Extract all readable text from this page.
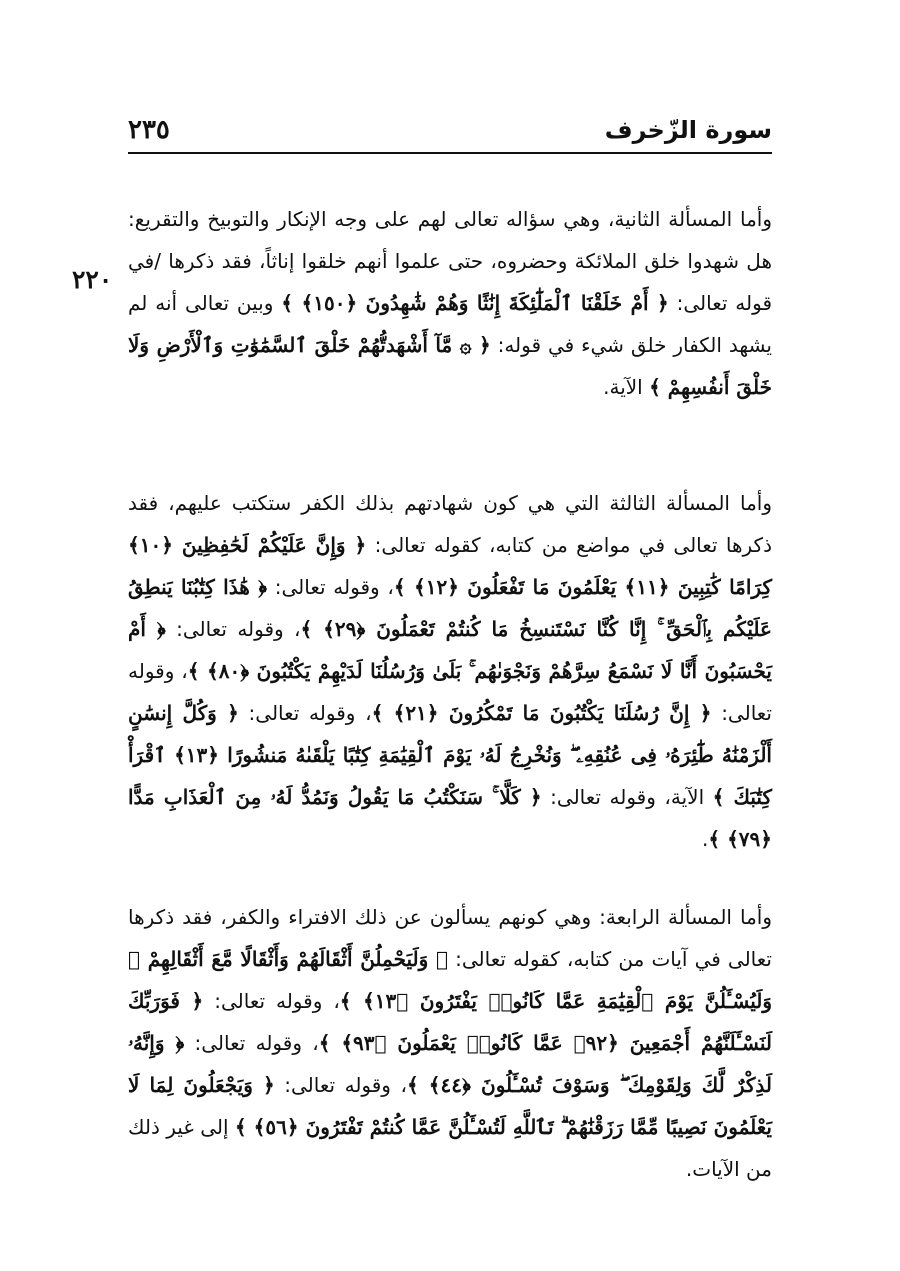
٢٣٥	سورة الزّخرف
٢٢٠

وأما المسألة الثانية، وهي سؤاله تعالى لهم على وجه الإنكار والتوبيخ والتقريع: هل شهدوا خلق الملائكة وحضروه، حتى علموا أنهم خلقوا إناثاً، فقد ذكرها /في قوله تعالى: ﴿ أَمْ خَلَقْنَا ٱلْمَلَٰٓئِكَةَ إِنَٰثًا وَهُمْ شَٰهِدُونَ ﴿١٥٠﴾ ﴾ وبين تعالى أنه لم يشهد الكفار خلق شيء في قوله: ﴿ ۞ مَّآ أَشْهَدتُّهُمْ خَلْقَ ٱلسَّمَٰوَٰتِ وَٱلْأَرْضِ وَلَا خَلْقَ أَنفُسِهِمْ ﴾ الآية.

وأما المسألة الثالثة التي هي كون شهادتهم بذلك الكفر ستكتب عليهم، فقد ذكرها تعالى في مواضع من كتابه، كقوله تعالى: ﴿ وَإِنَّ عَلَيْكُمْ لَحَٰفِظِينَ ﴿١٠﴾ كِرَامًا كَٰتِبِينَ ﴿١١﴾ يَعْلَمُونَ مَا تَفْعَلُونَ ﴿١٢﴾ ﴾، وقوله تعالى: ﴿ هَٰذَا كِتَٰبُنَا يَنطِقُ عَلَيْكُم بِٱلْحَقِّ ۚ إِنَّا كُنَّا نَسْتَنسِخُ مَا كُنتُمْ تَعْمَلُونَ ﴿٢٩﴾ ﴾، وقوله تعالى: ﴿ أَمْ يَحْسَبُونَ أَنَّا لَا نَسْمَعُ سِرَّهُمْ وَنَجْوَىٰهُم ۚ بَلَىٰ وَرُسُلُنَا لَدَيْهِمْ يَكْتُبُونَ ﴿٨٠﴾ ﴾، وقوله تعالى: ﴿ إِنَّ رُسُلَنَا يَكْتُبُونَ مَا تَمْكُرُونَ ﴿٢١﴾ ﴾، وقوله تعالى: ﴿ وَكُلَّ إِنسَٰنٍ أَلْزَمْنَٰهُ طَٰٓئِرَهُۥ فِى عُنُقِهِۦ ۖ وَنُخْرِجُ لَهُۥ يَوْمَ ٱلْقِيَٰمَةِ كِتَٰبًا يَلْقَىٰهُ مَنشُورًا ﴿١٣﴾ ٱقْرَأْ كِتَٰبَكَ ﴾ الآية، وقوله تعالى: ﴿ كَلَّا ۚ سَنَكْتُبُ مَا يَقُولُ وَنَمُدُّ لَهُۥ مِنَ ٱلْعَذَابِ مَدًّا ﴿٧٩﴾ ﴾.

وأما المسألة الرابعة: وهي كونهم يسألون عن ذلك الافتراء والكفر، فقد ذكرها تعالى في آيات من كتابه، كقوله تعالى: ﴿ وَلَيَحْمِلُنَّ أَثْقَالَهُمْ وَأَثْقَالًا مَّعَ أَثْقَالِهِمْ ۖ وَلَيُسْـَٔلُنَّ يَوْمَ ٱلْقِيَٰمَةِ عَمَّا كَانُوا۟ يَفْتَرُونَ ﴿١٣﴾ ﴾، وقوله تعالى: ﴿ فَوَرَبِّكَ لَنَسْـَٔلَنَّهُمْ أَجْمَعِينَ ﴿٩٢﴾ عَمَّا كَانُوا۟ يَعْمَلُونَ ﴿٩٣﴾ ﴾، وقوله تعالى: ﴿ وَإِنَّهُۥ لَذِكْرٌ لَّكَ وَلِقَوْمِكَ ۖ وَسَوْفَ تُسْـَٔلُونَ ﴿٤٤﴾ ﴾، وقوله تعالى: ﴿ وَيَجْعَلُونَ لِمَا لَا يَعْلَمُونَ نَصِيبًا مِّمَّا رَزَقْنَٰهُمْ ۗ تَٱللَّهِ لَتُسْـَٔلُنَّ عَمَّا كُنتُمْ تَفْتَرُونَ ﴿٥٦﴾ ﴾ إلى غير ذلك من الآيات.
